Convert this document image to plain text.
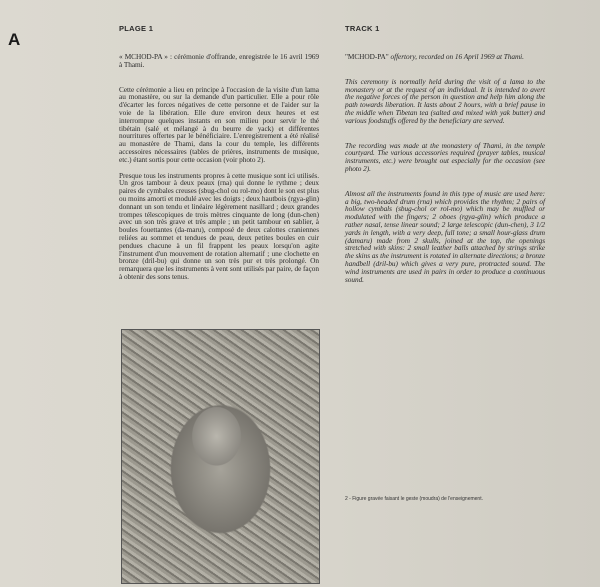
A
PLAGE 1

« MCHOD-PA » : cérémonie d'offrande, enregistrée le 16 avril 1969 à Thami.

Cette cérémonie a lieu en principe à l'occasion de la visite d'un lama au monastère, ou sur la demande d'un particulier. Elle a pour rôle d'écarter les forces négatives de cette personne et de l'aider sur la voie de la libération. Elle dure environ deux heures et est interrompue quelques instants en son milieu pour servir le thé tibétain (salé et mélangé à du beurre de yack) et différentes nourritures offertes par le bénéficiaire. L'enregistrement a été réalisé au monastère de Thami, dans la cour du temple, les différents accessoires nécessaires (tables de prières, instruments de musique, etc.) étant sortis pour cette occasion (voir photo 2).

Presque tous les instruments propres à cette musique sont ici utilisés. Un gros tambour à deux peaux (rna) qui donne le rythme ; deux paires de cymbales creuses (sbug-chol ou rol-mo) dont le son est plus ou moins amorti et modulé avec les doigts ; deux hautbois (rgya-glin) donnant un son tendu et linéaire légèrement nasillard ; deux grandes trompes télescopiques de trois mètres cinquante de long (dun-chen) avec un son très grave et très ample ; un petit tambour en sablier, à boules fouettantes (da-maru), composé de deux calottes craniennes reliées au sommet et tendues de peau, deux petites boules en cuir pendues chacune à un fil frappent les peaux lorsqu'on agite l'instrument d'un mouvement de rotation alternatif ; une clochette en bronze (dril-bu) qui donne un son très pur et très prolongé. On remarquera que les instruments à vent sont utilisés par paire, de façon à obtenir des sons tenus.

TRACK 1

"MCHOD-PA" offertory, recorded on 16 April 1969 at Thami.

This ceremony is normally held during the visit of a lama to the monastery or at the request of an individual. It is intended to avert the negative forces of the person in question and help him along the path towards liberation. It lasts about 2 hours, with a brief pause in the middle when Tibetan tea (salted and mixed with yak butter) and various foodstuffs offered by the beneficiary are served.

The recording was made at the monastery of Thami, in the temple courtyard. The various accessories required (prayer tables, musical instruments, etc.) were brought out especially for the occasion (see photo 2).

Almost all the instruments found in this type of music are used here: a big, two-headed drum (rna) which provides the rhythm; 2 pairs of hollow cymbals (sbug-chol or rol-mo) which may be muffled or modulated with the fingers; 2 oboes (rgya-glin) which produce a rather nasal, tense linear sound; 2 large telescopic (dun-chen), 3 1/2 yards in length, with a very deep, full tone; a small hour-glass drum (damaru) made from 2 skulls, joined at the top, the openings stretched with skins: 2 small leather balls attached by strings strike the skins as the instrument is rotated in alternate directions; a bronze handbell (dril-bu) which gives a very pure, protracted sound. The wind instruments are used in pairs in order to produce a continuous sound.

2 - Figure gravée faisant le geste (moudra) de l'enseignement.
